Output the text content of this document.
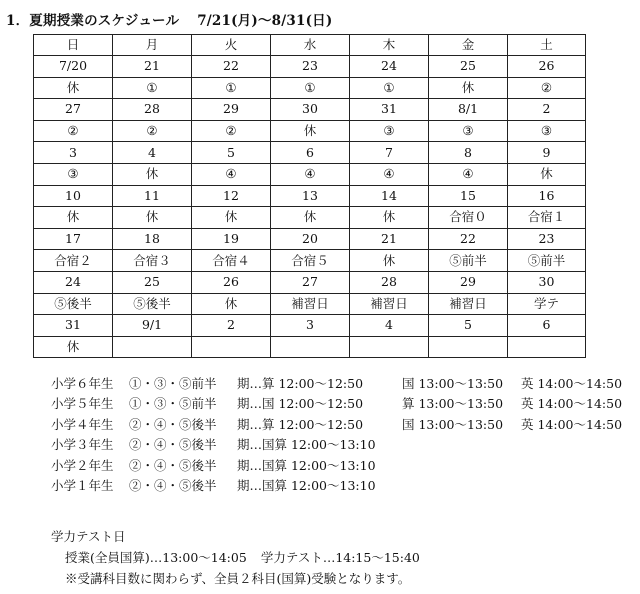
1．夏期授業のスケジュール 7/21(月)〜8/31(日)
日	月	火	水	木	金	土
7/20	21	22	23	24	25	26
休	①	①	①	①	休	②
27	28	29	30	31	8/1	2
②	②	②	休	③	③	③
3	4	5	6	7	8	9
③	休	④	④	④	④	休
10	11	12	13	14	15	16
休	休	休	休	休	合宿０	合宿１
17	18	19	20	21	22	23
合宿２	合宿３	合宿４	合宿５	休	⑤前半	⑤前半
24	25	26	27	28	29	30
⑤後半	⑤後半	休	補習日	補習日	補習日	学テ
31	9/1	2	3	4	5	6
休						
小学６年生 ①・③・⑤前半 期…算 12:00〜12:50	国 13:00〜13:50 英 14:00〜14:50
小学５年生 ①・③・⑤前半 期…国 12:00〜12:50	算 13:00〜13:50 英 14:00〜14:50
小学４年生 ②・④・⑤後半 期…算 12:00〜12:50	国 13:00〜13:50 英 14:00〜14:50
小学３年生 ②・④・⑤後半 期…国算 12:00〜13:10
小学２年生 ②・④・⑤後半 期…国算 12:00〜13:10
小学１年生 ②・④・⑤後半 期…国算 12:00〜13:10
学力テスト日
授業(全員国算)…13:00〜14:05 学力テスト…14:15〜15:40
※受講科目数に関わらず、全員２科目(国算)受験となります。
